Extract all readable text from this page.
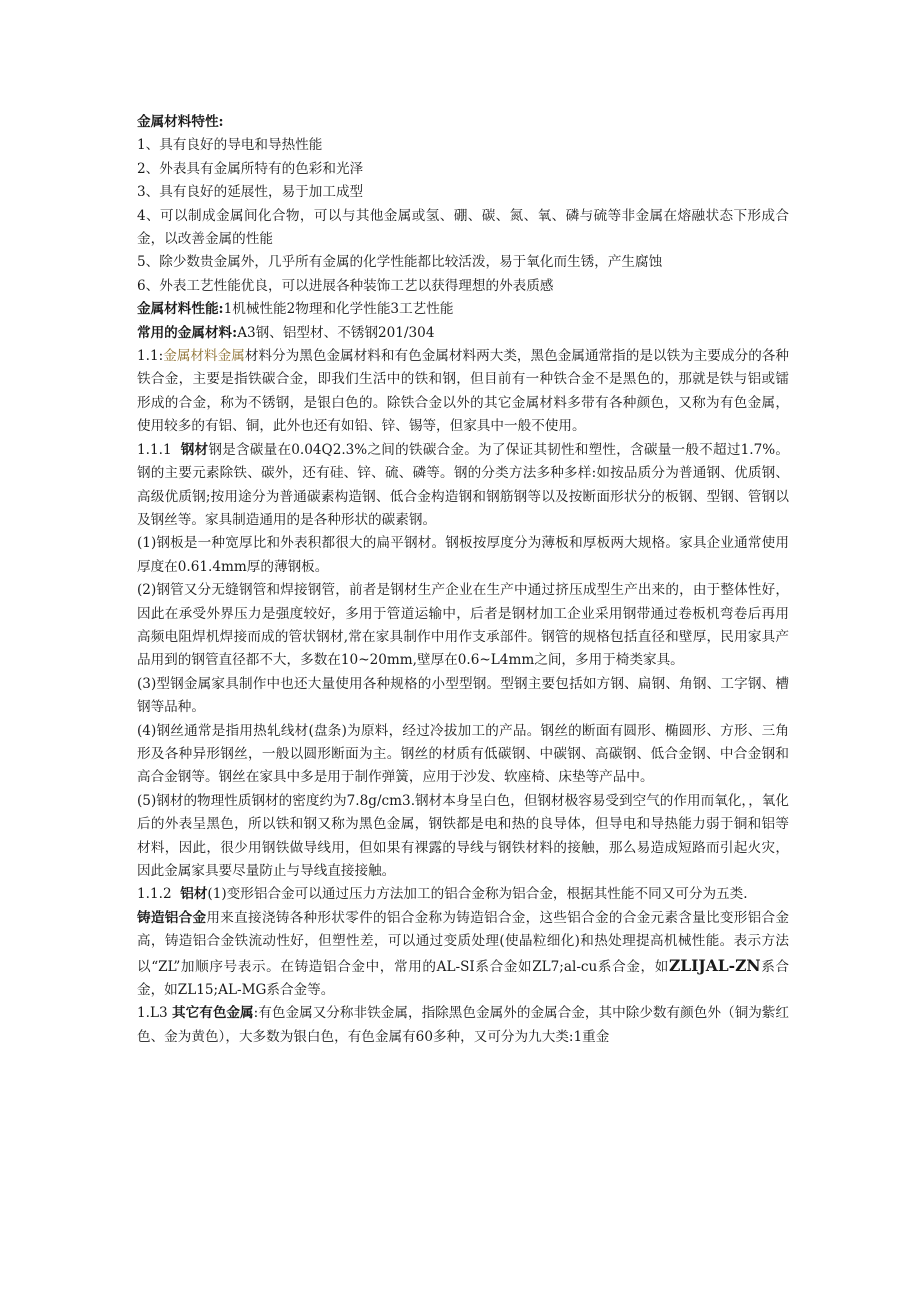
金属材料特性:

1、具有良好的导电和导热性能

2、外表具有金属所特有的色彩和光泽

3、具有良好的延展性，易于加工成型

4、可以制成金属间化合物，可以与其他金属或氢、硼、碳、氮、氧、磷与硫等非金属在熔融状态下形成合金，以改善金属的性能

5、除少数贵金属外，几乎所有金属的化学性能都比较活泼，易于氧化而生锈，产生腐蚀

6、外表工艺性能优良，可以进展各种装饰工艺以获得理想的外表质感

金属材料性能:1机械性能2物理和化学性能3工艺性能

常用的金属材料:A3钢、铝型材、不锈钢201/304

1.1:金属材料金属材料分为黑色金属材料和有色金属材料两大类，黑色金属通常指的是以铁为主要成分的各种铁合金，主要是指铁碳合金，即我们生活中的铁和钢，但目前有一种铁合金不是黑色的，那就是铁与铝或镭形成的合金，称为不锈钢，是银白色的。除铁合金以外的其它金属材料多带有各种颜色，又称为有色金属，使用较多的有铝、铜，此外也还有如铅、锌、锡等，但家具中一般不使用。

1.1.1  钢材钢是含碳量在0.04Q2.3%之间的铁碳合金。为了保证其韧性和塑性，含碳量一般不超过1.7%。钢的主要元素除铁、碳外，还有硅、锌、硫、磷等。钢的分类方法多种多样:如按品质分为普通钢、优质钢、高级优质钢;按用途分为普通碳素构造钢、低合金构造钢和钢筋钢等以及按断面形状分的板钢、型钢、管钢以及钢丝等。家具制造通用的是各种形状的碳素钢。

(1)钢板是一种宽厚比和外表积都很大的扁平钢材。钢板按厚度分为薄板和厚板两大规格。家具企业通常使用厚度在0.61.4mm厚的薄钢板。

(2)钢管又分无缝钢管和焊接钢管，前者是钢材生产企业在生产中通过挤压成型生产出来的，由于整体性好，因此在承受外界压力是强度较好，多用于管道运输中，后者是钢材加工企业采用钢带通过卷板机弯卷后再用高频电阻焊机焊接而成的管状钢材,常在家具制作中用作支承部件。钢管的规格包括直径和壁厚，民用家具产品用到的钢管直径都不大，多数在10~20mm,壁厚在0.6~L4mm之间，多用于椅类家具。

(3)型钢金属家具制作中也还大量使用各种规格的小型型钢。型钢主要包括如方钢、扁钢、角钢、工字钢、槽钢等品种。

(4)钢丝通常是指用热轧线材(盘条)为原料，经过冷拔加工的产品。钢丝的断面有圆形、椭圆形、方形、三角形及各种异形钢丝，一般以圆形断面为主。钢丝的材质有低碳钢、中碳钢、高碳钢、低合金钢、中合金钢和高合金钢等。钢丝在家具中多是用于制作弹簧，应用于沙发、软座椅、床垫等产品中。

(5)钢材的物理性质钢材的密度约为7.8g/cm3.钢材本身呈白色，但钢材极容易受到空气的作用而氧化，，氧化后的外表呈黑色，所以铁和钢又称为黑色金属，钢铁都是电和热的良导体，但导电和导热能力弱于铜和铝等材料，因此，很少用钢铁做导线用，但如果有裸露的导线与钢铁材料的接触，那么易造成短路而引起火灾，因此金属家具要尽量防止与导线直接接触。

1.1.2  铝材(1)变形铝合金可以通过压力方法加工的铝合金称为铝合金，根据其性能不同又可分为五类.

铸造铝合金用来直接浇铸各种形状零件的铝合金称为铸造铝合金，这些铝合金的合金元素含量比变形铝合金高，铸造铝合金铁流动性好，但塑性差，可以通过变质处理(使晶粒细化)和热处理提高机械性能。表示方法以“ZL”加顺序号表示。在铸造铝合金中，常用的AL-SI系合金如ZL7;al-cu系合金，如ZLIJAL-ZN系合金，如ZL15;AL-MG系合金等。

1.L3 其它有色金属:有色金属又分称非铁金属，指除黑色金属外的金属合金，其中除少数有颜色外（铜为紫红色、金为黄色），大多数为银白色，有色金属有60多种，又可分为九大类:1重金
